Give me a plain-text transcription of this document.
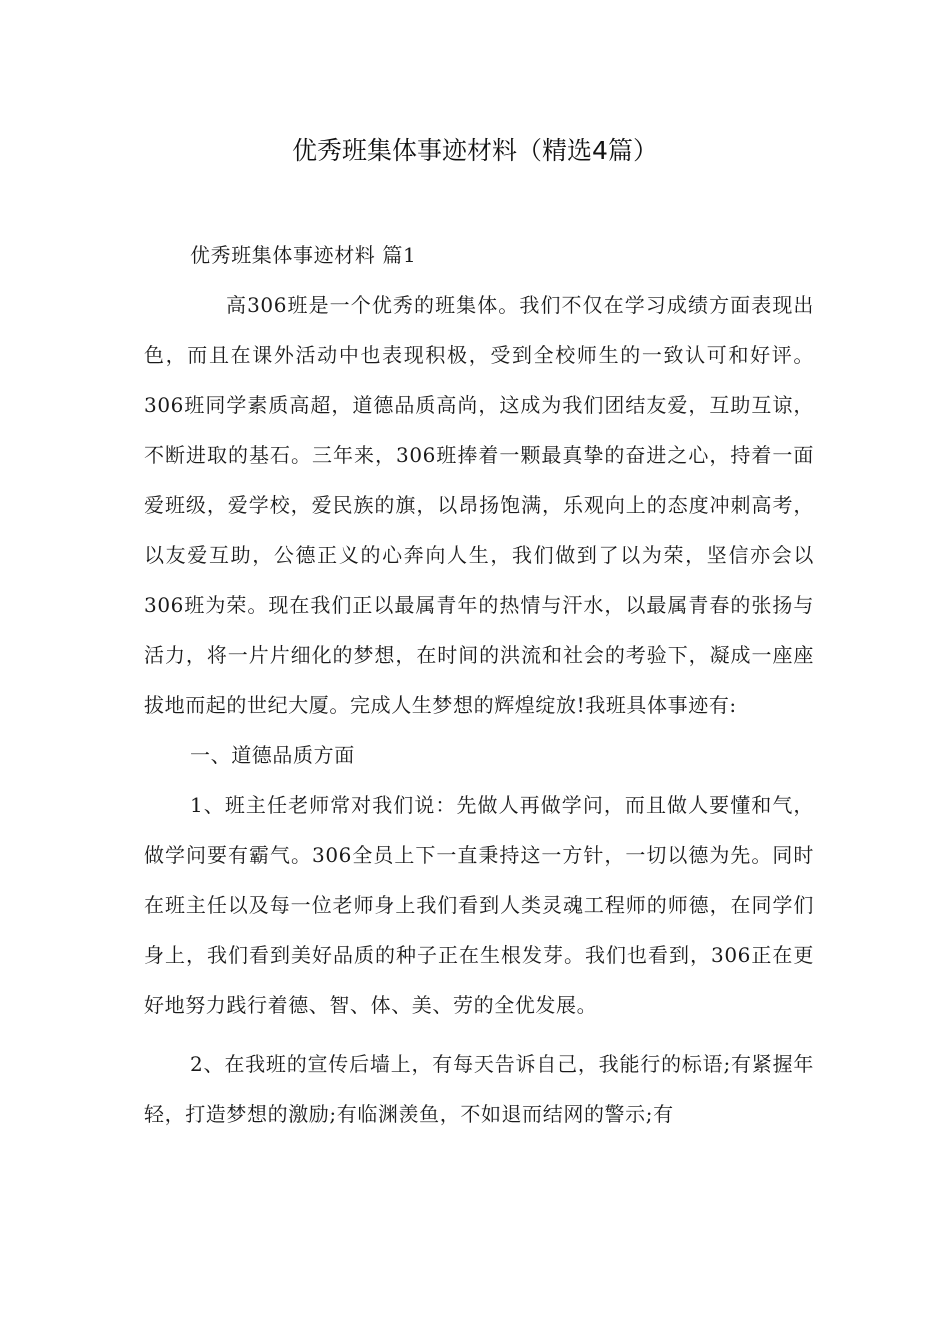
优秀班集体事迹材料（精选4篇）

优秀班集体事迹材料 篇1

高306班是一个优秀的班集体。我们不仅在学习成绩方面表现出色，而且在课外活动中也表现积极，受到全校师生的一致认可和好评。306班同学素质高超，道德品质高尚，这成为我们团结友爱，互助互谅，不断进取的基石。三年来，306班捧着一颗最真挚的奋进之心，持着一面爱班级，爱学校，爱民族的旗，以昂扬饱满，乐观向上的态度冲刺高考，以友爱互助，公德正义的心奔向人生，我们做到了以为荣，坚信亦会以306班为荣。现在我们正以最属青年的热情与汗水，以最属青春的张扬与活力，将一片片细化的梦想，在时间的洪流和社会的考验下，凝成一座座拔地而起的世纪大厦。完成人生梦想的辉煌绽放!我班具体事迹有:

一、道德品质方面

1、班主任老师常对我们说：先做人再做学问，而且做人要懂和气，做学问要有霸气。306全员上下一直秉持这一方针，一切以德为先。同时在班主任以及每一位老师身上我们看到人类灵魂工程师的师德，在同学们身上，我们看到美好品质的种子正在生根发芽。我们也看到，306正在更好地努力践行着德、智、体、美、劳的全优发展。

2、在我班的宣传后墙上，有每天告诉自己，我能行的标语;有紧握年轻，打造梦想的激励;有临渊羡鱼，不如退而结网的警示;有
